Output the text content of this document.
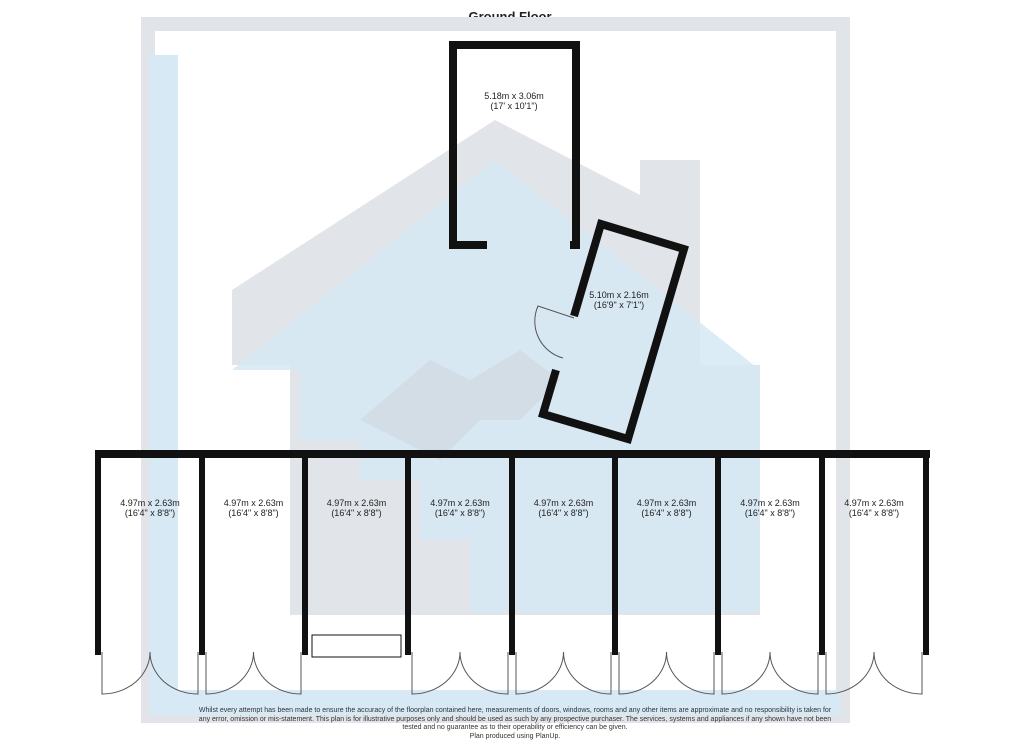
Ground Floor
5.18m x 3.06m
(17' x 10'1")
5.10m x 2.16m
(16'9" x 7'1")
4.97m x 2.63m
(16'4" x 8'8")
4.97m x 2.63m
(16'4" x 8'8")
4.97m x 2.63m
(16'4" x 8'8")
4.97m x 2.63m
(16'4" x 8'8")
4.97m x 2.63m
(16'4" x 8'8")
4.97m x 2.63m
(16'4" x 8'8")
4.97m x 2.63m
(16'4" x 8'8")
4.97m x 2.63m
(16'4" x 8'8")
Whilst every attempt has been made to ensure the accuracy of the floorplan contained here, measurements of doors, windows, rooms and any other items are approximate and no responsibility is taken for
any error, omission or mis-statement. This plan is for illustrative purposes only and should be used as such by any prospective purchaser. The services, systems and appliances if any shown have not been
tested and no guarantee as to their operability or efficiency can be given.
Plan produced using PlanUp.
